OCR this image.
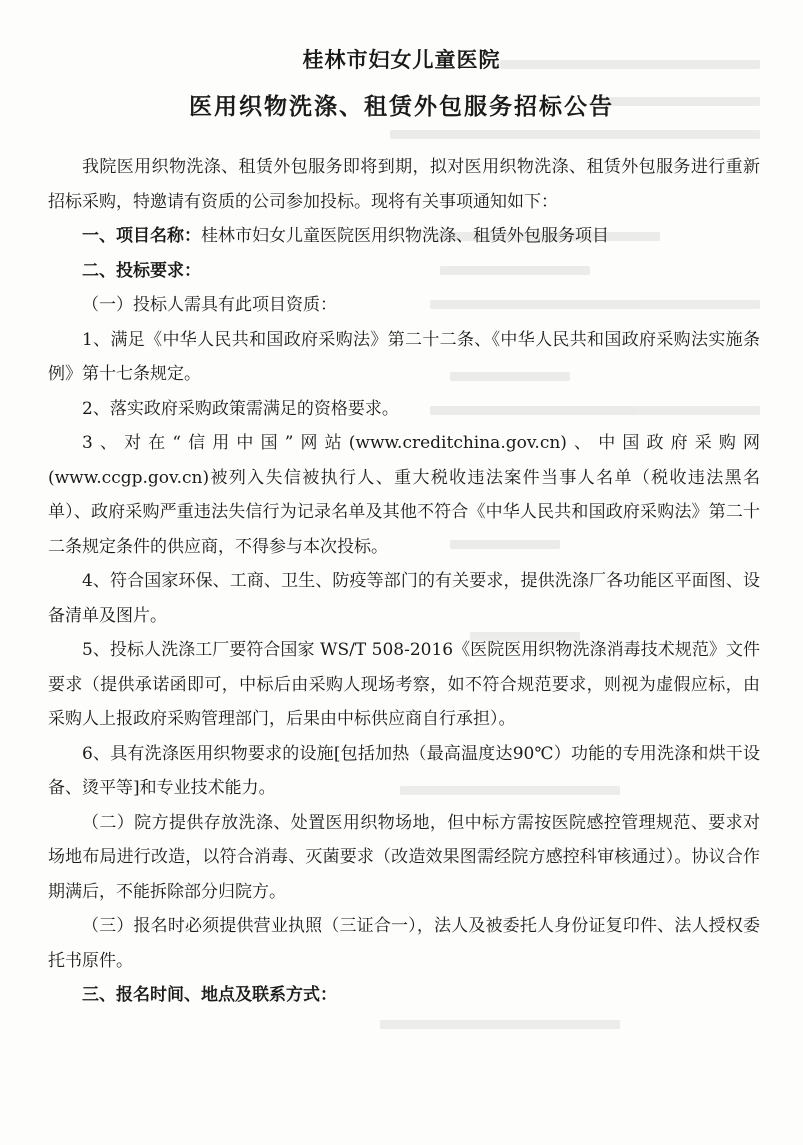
桂林市妇女儿童医院
医用织物洗涤、租赁外包服务招标公告

我院医用织物洗涤、租赁外包服务即将到期，拟对医用织物洗涤、租赁外包服务进行重新招标采购，特邀请有资质的公司参加投标。现将有关事项通知如下：

一、项目名称：桂林市妇女儿童医院医用织物洗涤、租赁外包服务项目

二、投标要求：

（一）投标人需具有此项目资质：

1、满足《中华人民共和国政府采购法》第二十二条、《中华人民共和国政府采购法实施条例》第十七条规定。

2、落实政府采购政策需满足的资格要求。

3、对在“信用中国”网站(www.creditchina.gov.cn)、中国政府采购网(www.ccgp.gov.cn)被列入失信被执行人、重大税收违法案件当事人名单（税收违法黑名单）、政府采购严重违法失信行为记录名单及其他不符合《中华人民共和国政府采购法》第二十二条规定条件的供应商，不得参与本次投标。

4、符合国家环保、工商、卫生、防疫等部门的有关要求，提供洗涤厂各功能区平面图、设备清单及图片。

5、投标人洗涤工厂要符合国家 WS/T 508-2016《医院医用织物洗涤消毒技术规范》文件要求（提供承诺函即可，中标后由采购人现场考察，如不符合规范要求，则视为虚假应标，由采购人上报政府采购管理部门，后果由中标供应商自行承担）。

6、具有洗涤医用织物要求的设施[包括加热（最高温度达90℃）功能的专用洗涤和烘干设备、烫平等]和专业技术能力。

（二）院方提供存放洗涤、处置医用织物场地，但中标方需按医院感控管理规范、要求对场地布局进行改造，以符合消毒、灭菌要求（改造效果图需经院方感控科审核通过）。协议合作期满后，不能拆除部分归院方。

（三）报名时必须提供营业执照（三证合一），法人及被委托人身份证复印件、法人授权委托书原件。

三、报名时间、地点及联系方式：
